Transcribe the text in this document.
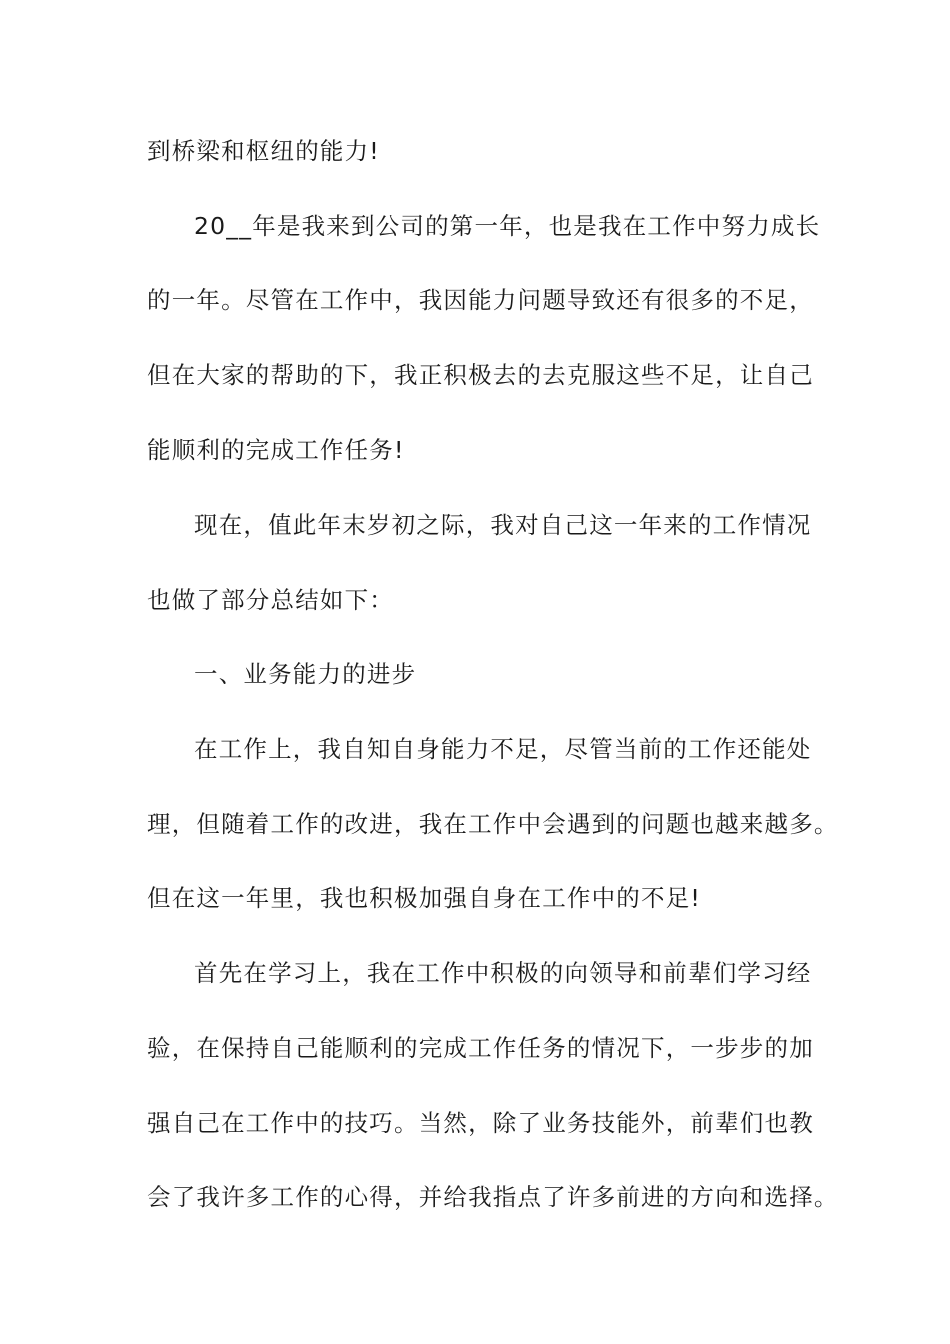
到桥梁和枢纽的能力!
20__年是我来到公司的第一年，也是我在工作中努力成长
的一年。尽管在工作中，我因能力问题导致还有很多的不足，
但在大家的帮助的下，我正积极去的去克服这些不足，让自己
能顺利的完成工作任务!
现在，值此年末岁初之际，我对自己这一年来的工作情况
也做了部分总结如下：
一、业务能力的进步
在工作上，我自知自身能力不足，尽管当前的工作还能处
理，但随着工作的改进，我在工作中会遇到的问题也越来越多。
但在这一年里，我也积极加强自身在工作中的不足!
首先在学习上，我在工作中积极的向领导和前辈们学习经
验，在保持自己能顺利的完成工作任务的情况下，一步步的加
强自己在工作中的技巧。当然，除了业务技能外，前辈们也教
会了我许多工作的心得，并给我指点了许多前进的方向和选择。
